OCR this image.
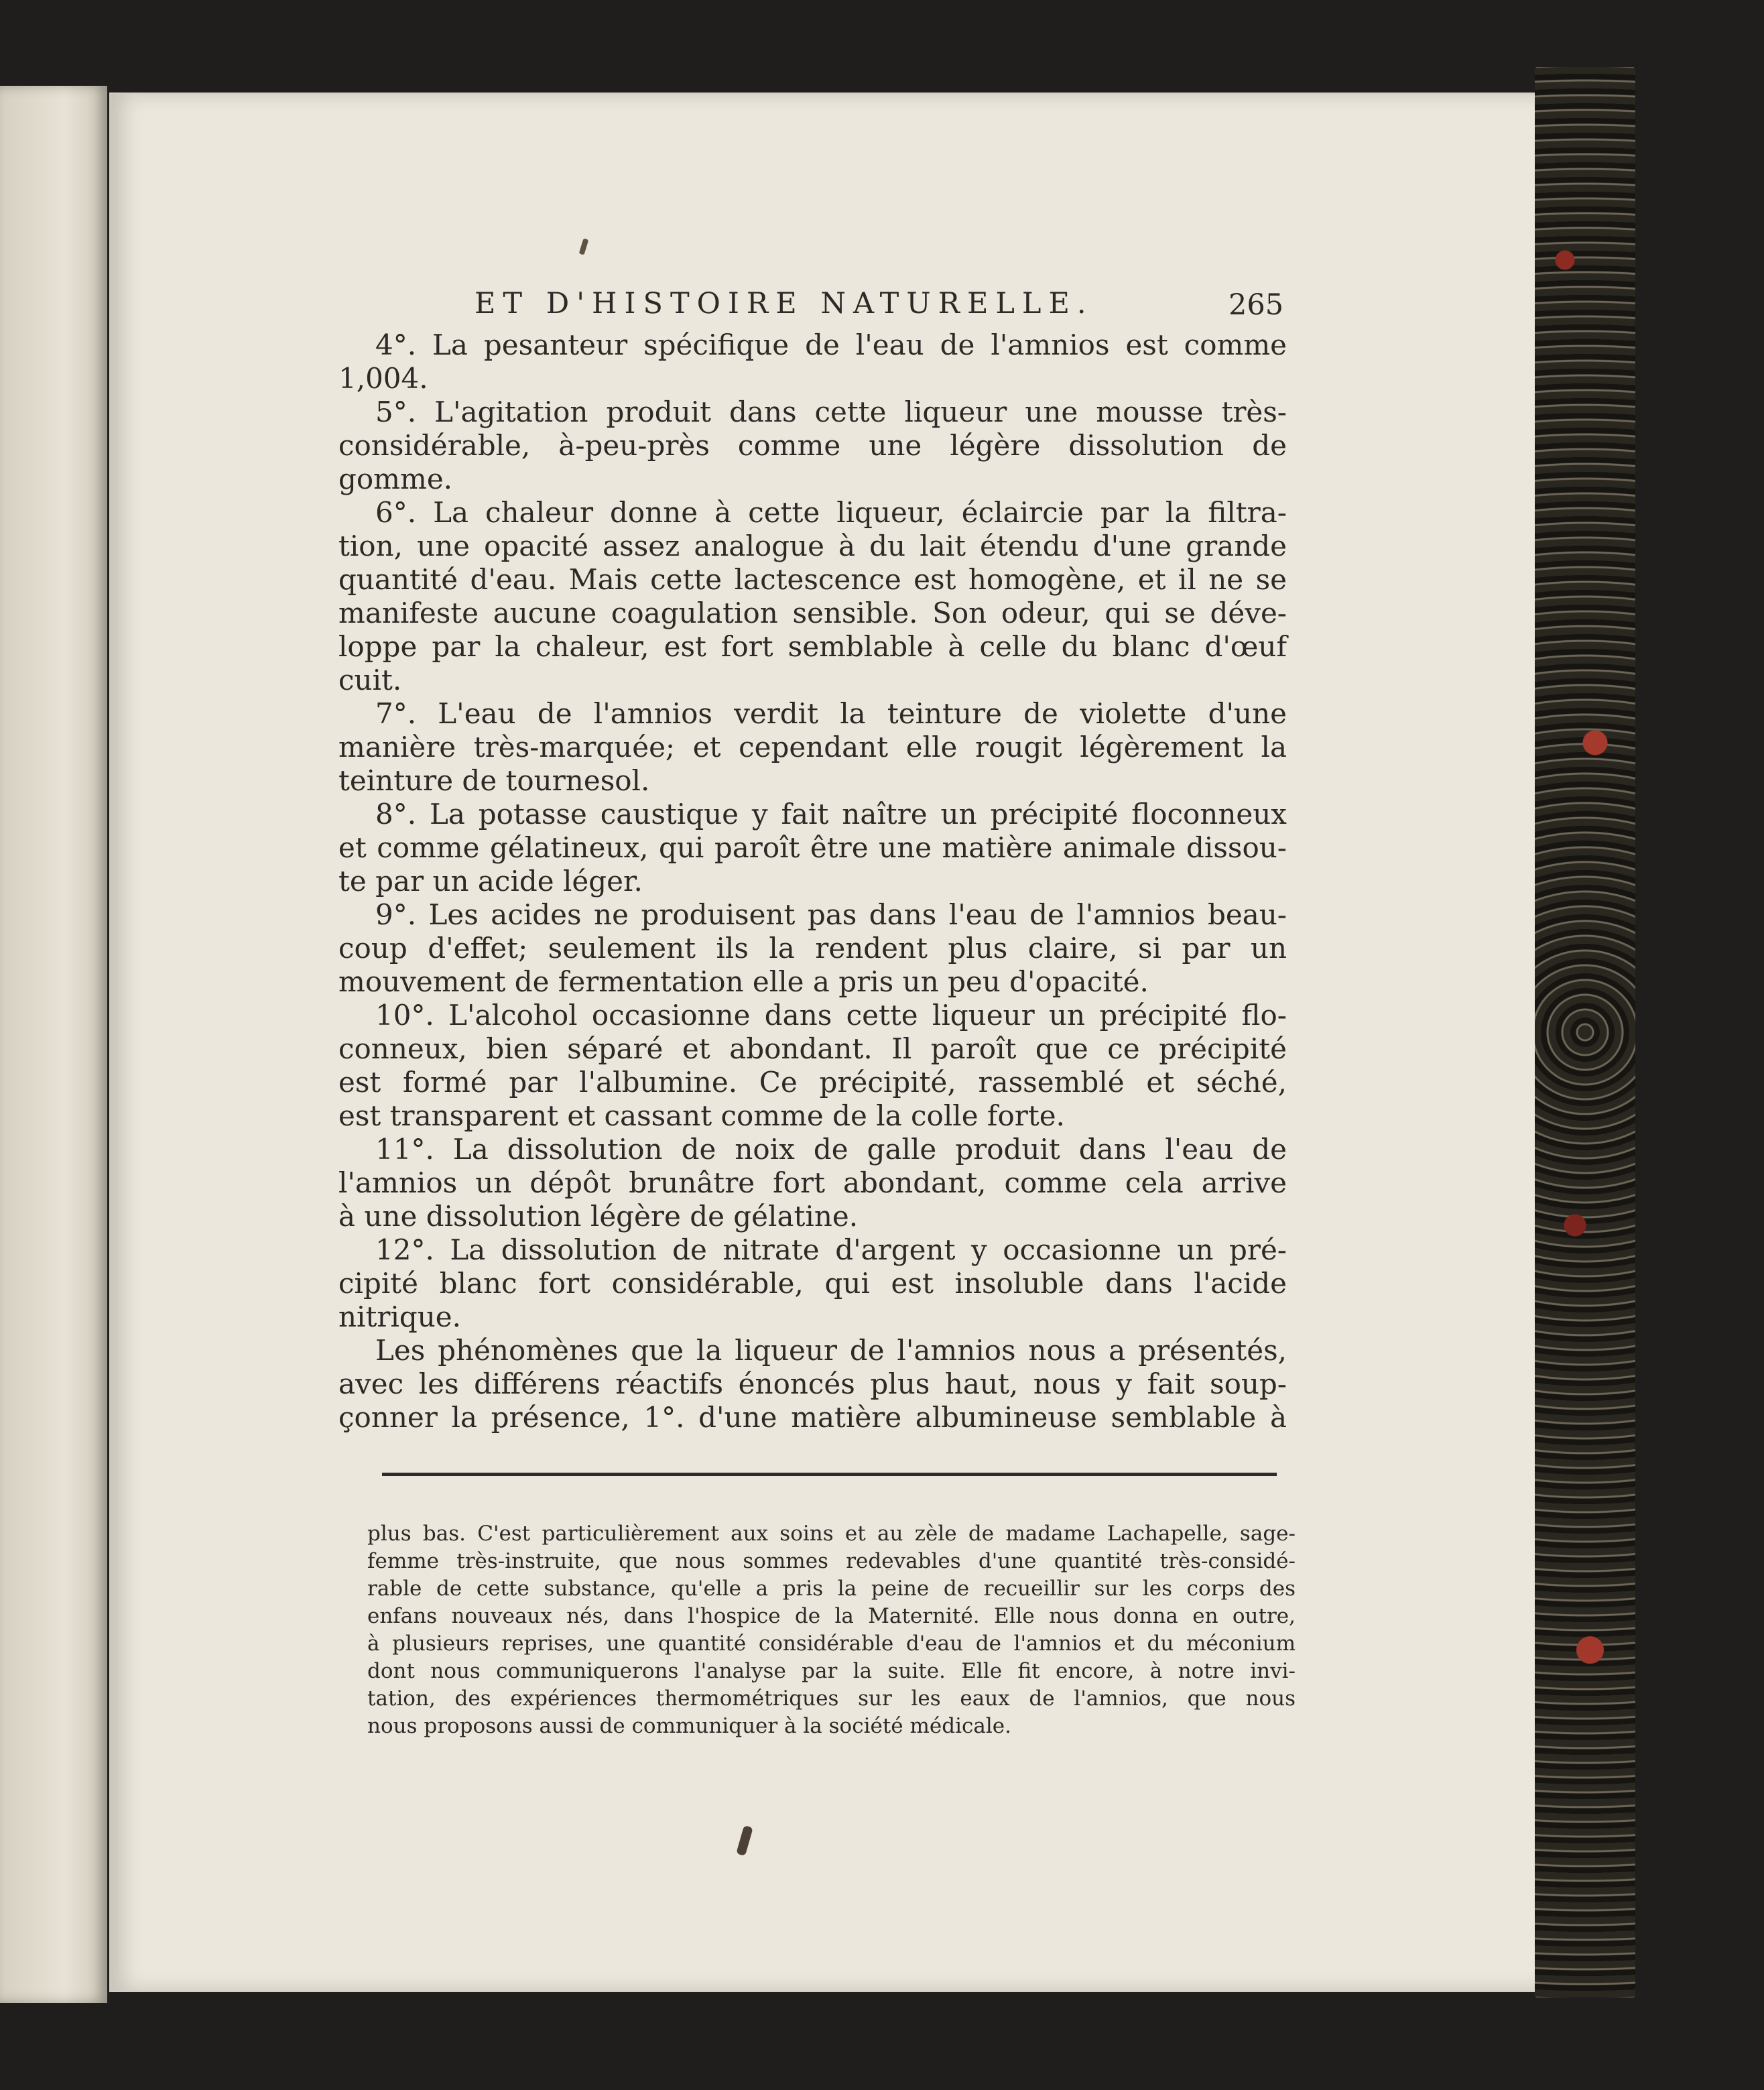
ET D'HISTOIRE NATURELLE.	265
4°. La pesanteur spécifique de l'eau de l'amnios est comme
1,004.
5°. L'agitation produit dans cette liqueur une mousse très-
considérable, à-peu-près comme une légère dissolution de
gomme.
6°. La chaleur donne à cette liqueur, éclaircie par la filtra-
tion, une opacité assez analogue à du lait étendu d'une grande
quantité d'eau. Mais cette lactescence est homogène, et il ne se
manifeste aucune coagulation sensible. Son odeur, qui se déve-
loppe par la chaleur, est fort semblable à celle du blanc d'œuf
cuit.
7°. L'eau de l'amnios verdit la teinture de violette d'une
manière très-marquée; et cependant elle rougit légèrement la
teinture de tournesol.
8°. La potasse caustique y fait naître un précipité floconneux
et comme gélatineux, qui paroît être une matière animale dissou-
te par un acide léger.
9°. Les acides ne produisent pas dans l'eau de l'amnios beau-
coup d'effet; seulement ils la rendent plus claire, si par un
mouvement de fermentation elle a pris un peu d'opacité.
10°. L'alcohol occasionne dans cette liqueur un précipité flo-
conneux, bien séparé et abondant. Il paroît que ce précipité
est formé par l'albumine. Ce précipité, rassemblé et séché,
est transparent et cassant comme de la colle forte.
11°. La dissolution de noix de galle produit dans l'eau de
l'amnios un dépôt brunâtre fort abondant, comme cela arrive
à une dissolution légère de gélatine.
12°. La dissolution de nitrate d'argent y occasionne un pré-
cipité blanc fort considérable, qui est insoluble dans l'acide
nitrique.
Les phénomènes que la liqueur de l'amnios nous a présentés,
avec les différens réactifs énoncés plus haut, nous y fait soup-
çonner la présence, 1°. d'une matière albumineuse semblable à
plus bas. C'est particulièrement aux soins et au zèle de madame Lachapelle, sage-
femme très-instruite, que nous sommes redevables d'une quantité très-considé-
rable de cette substance, qu'elle a pris la peine de recueillir sur les corps des
enfans nouveaux nés, dans l'hospice de la Maternité. Elle nous donna en outre,
à plusieurs reprises, une quantité considérable d'eau de l'amnios et du méconium
dont nous communiquerons l'analyse par la suite. Elle fit encore, à notre invi-
tation, des expériences thermométriques sur les eaux de l'amnios, que nous
nous proposons aussi de communiquer à la société médicale.
